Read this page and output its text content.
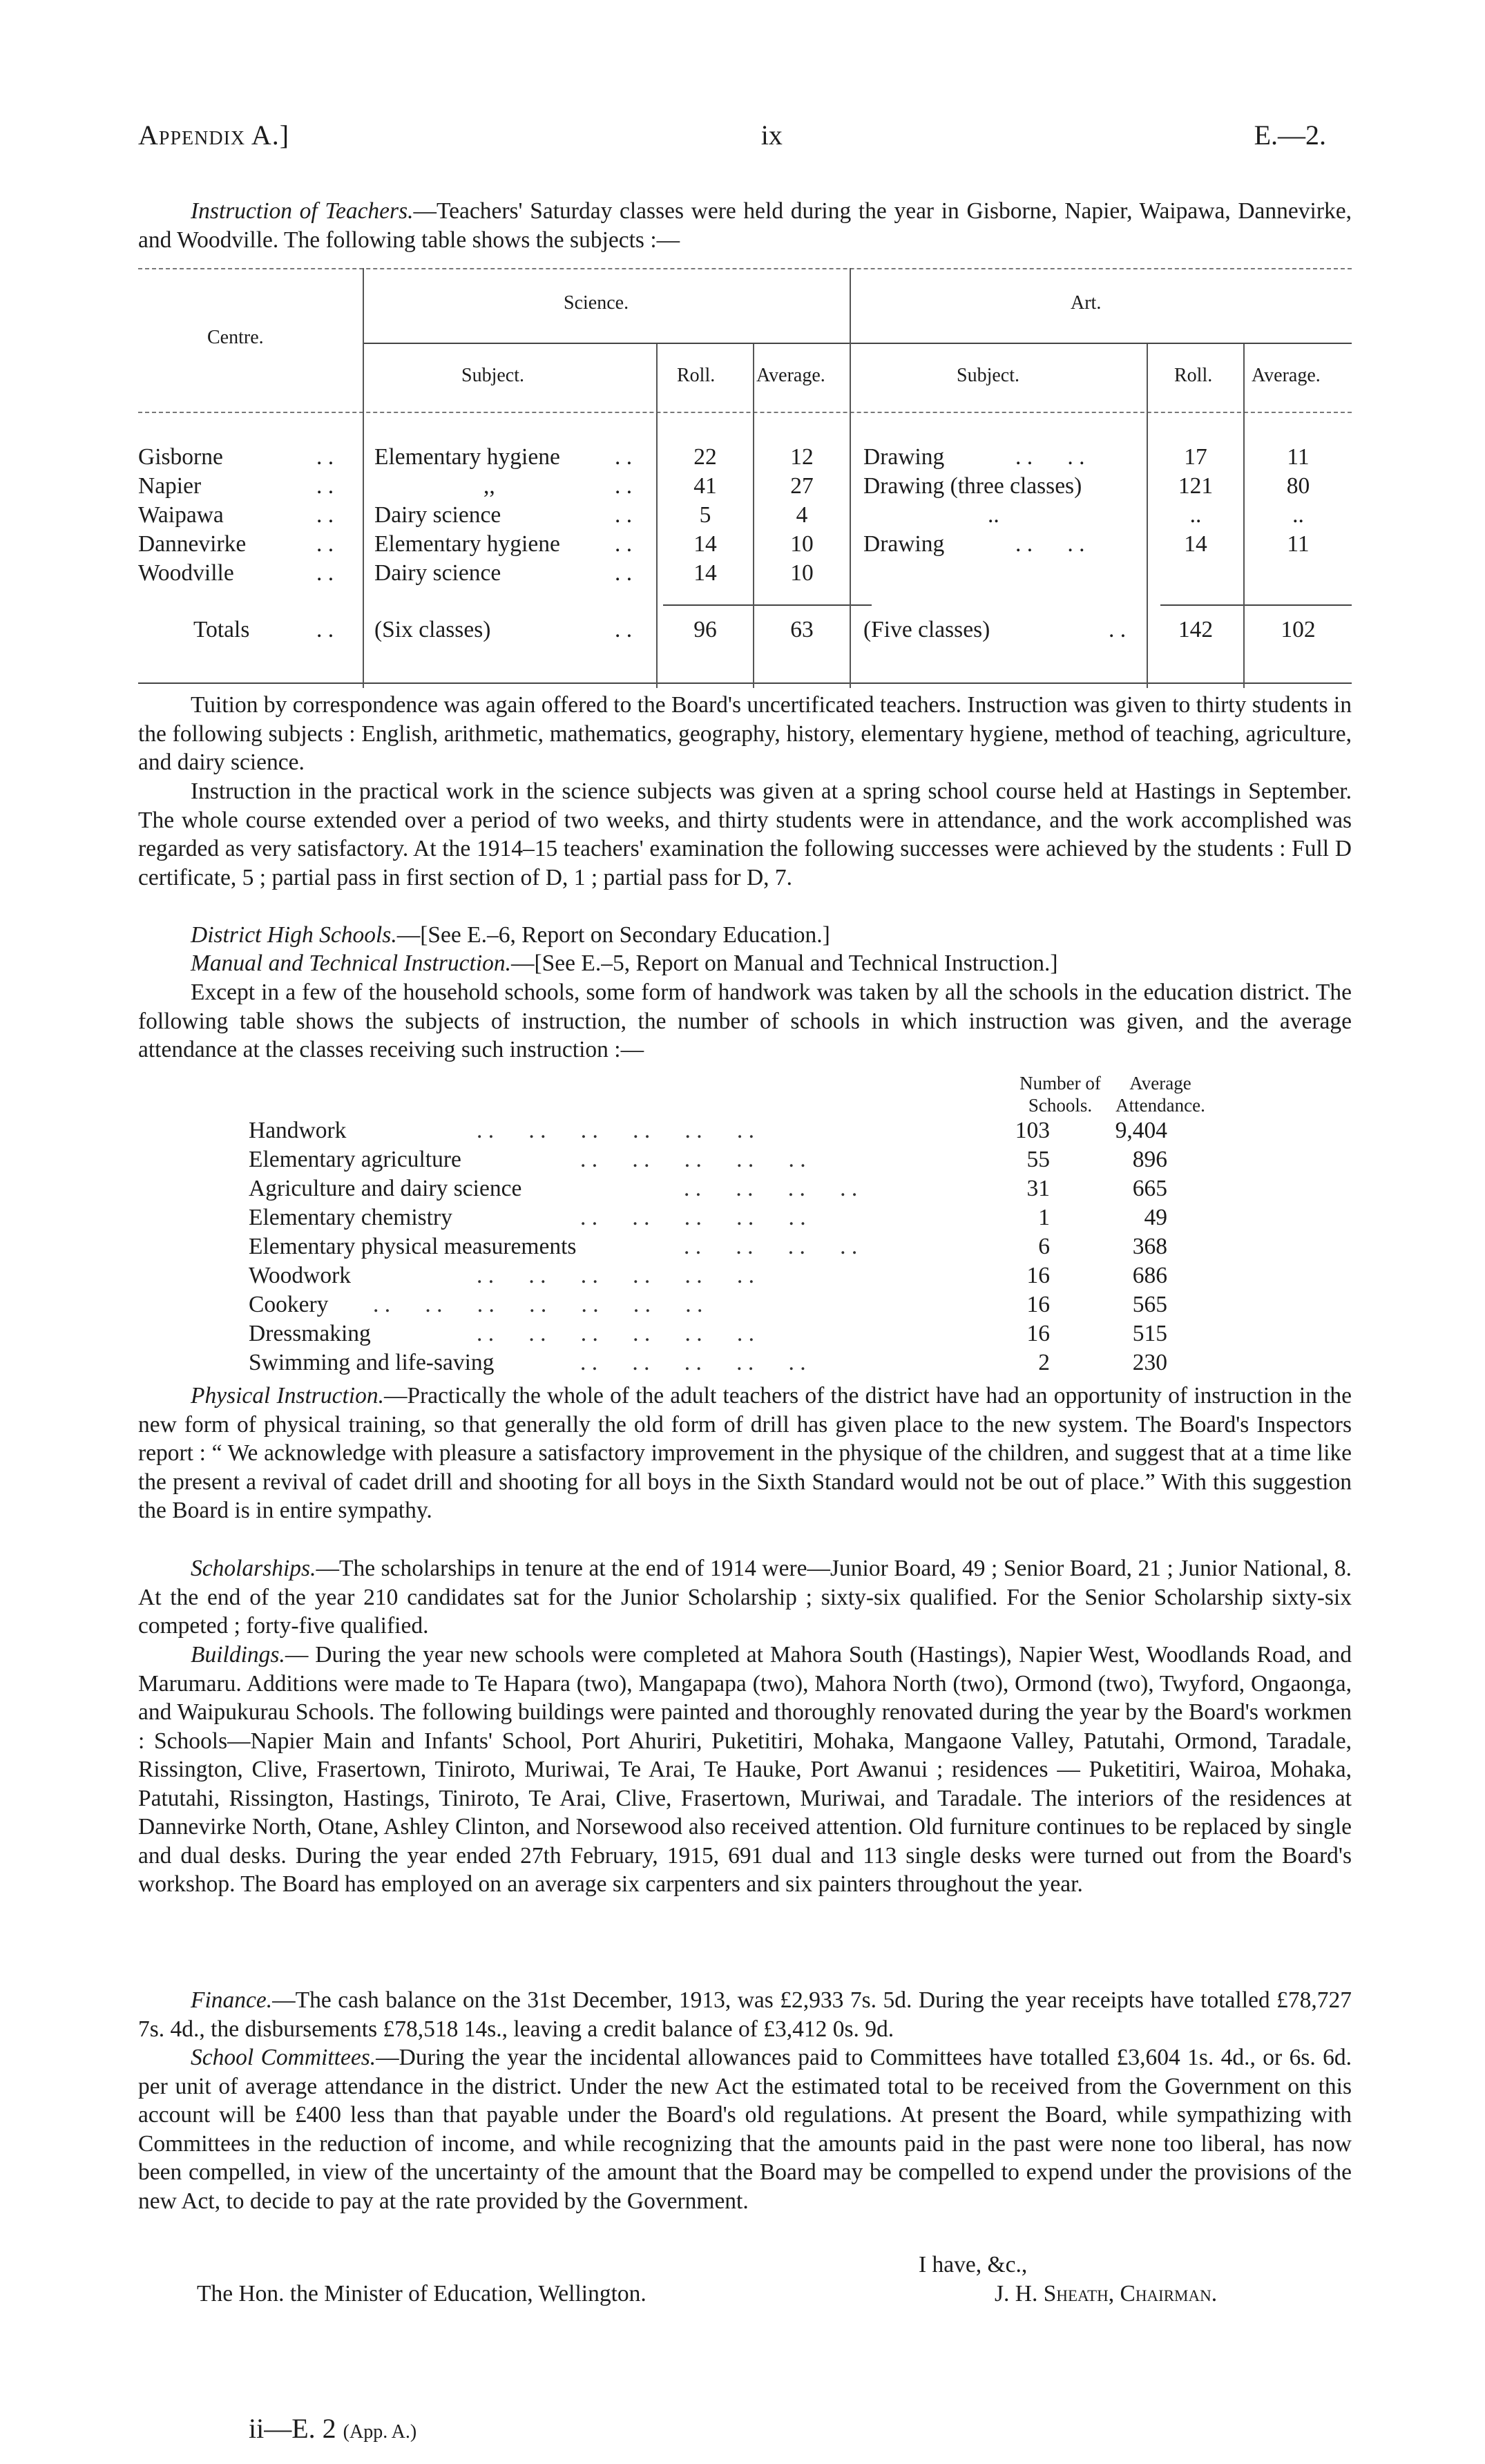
Appendix A.]	ix	E.—2.
Instruction of Teachers.—Teachers' Saturday classes were held during the year in Gisborne, Napier, Waipawa, Dannevirke, and Woodville. The following table shows the subjects :—
Centre.
Science.	Art.
Subject.	Roll. Average.	Subject.	Roll. Average.
Gisborne	. . Elementary hygiene . .	22	12	Drawing	. .      . .	17	11
Napier	. .	,,	. .	41	27	Drawing (three classes)	121	80
Waipawa	. . Dairy science	. .	5	4	..	..	..
Dannevirke	. . Elementary hygiene . .	14	10	Drawing	. .      . .	14	11
Woodville	. . Dairy science	. .	14	10
Totals	. . (Six classes)	. .	96	63	(Five classes)	. .	142	102
Tuition by correspondence was again offered to the Board's uncertificated teachers. Instruction was given to thirty students in the following subjects : English, arithmetic, mathematics, geography, history, elementary hygiene, method of teaching, agriculture, and dairy science.
Instruction in the practical work in the science subjects was given at a spring school course held at Hastings in September. The whole course extended over a period of two weeks, and thirty students were in attendance, and the work accomplished was regarded as very satisfactory. At the 1914–15 teachers' examination the following successes were achieved by the students : Full D certificate, 5 ; partial pass in first section of D, 1 ; partial pass for D, 7.
District High Schools.—[See E.–6, Report on Secondary Education.]
Manual and Technical Instruction.—[See E.–5, Report on Manual and Technical Instruction.]
Except in a few of the household schools, some form of handwork was taken by all the schools in the education district. The following table shows the subjects of instruction, the number of schools in which instruction was given, and the average attendance at the classes receiving such instruction :—
Number of
Schools.
Average
Attendance.
. .      . .      . .      . .      . .      . .
Handwork	103	9,404
. .      . .      . .      . .      . .
Elementary agriculture	55	896
. .      . .      . .      . .
Agriculture and dairy science	31	665
. .      . .      . .      . .      . .
Elementary chemistry	1	49
. .      . .      . .      . .
Elementary physical measurements	6	368
. .      . .      . .      . .      . .      . .
Woodwork	16	686
. .      . .      . .      . .      . .      . .      . .
Cookery	16	565
. .      . .      . .      . .      . .      . .
Dressmaking	16	515
. .      . .      . .      . .      . .
Swimming and life-saving	2	230
Physical Instruction.—Practically the whole of the adult teachers of the district have had an opportunity of instruction in the new form of physical training, so that generally the old form of drill has given place to the new system. The Board's Inspectors report : “ We acknowledge with pleasure a satisfactory improvement in the physique of the children, and suggest that at a time like the present a revival of cadet drill and shooting for all boys in the Sixth Standard would not be out of place.” With this suggestion the Board is in entire sympathy.
Scholarships.—The scholarships in tenure at the end of 1914 were—Junior Board, 49 ; Senior Board, 21 ; Junior National, 8. At the end of the year 210 candidates sat for the Junior Scholarship ; sixty-six qualified. For the Senior Scholarship sixty-six competed ; forty-five qualified.
Buildings.— During the year new schools were completed at Mahora South (Hastings), Napier West, Woodlands Road, and Marumaru. Additions were made to Te Hapara (two), Mangapapa (two), Mahora North (two), Ormond (two), Twyford, Ongaonga, and Waipukurau Schools. The following buildings were painted and thoroughly renovated during the year by the Board's workmen : Schools—Napier Main and Infants' School, Port Ahuriri, Puketitiri, Mohaka, Mangaone Valley, Patutahi, Ormond, Taradale, Rissington, Clive, Frasertown, Tiniroto, Muriwai, Te Arai, Te Hauke, Port Awanui ; residences — Puketitiri, Wairoa, Mohaka, Patutahi, Rissington, Hastings, Tiniroto, Te Arai, Clive, Frasertown, Muriwai, and Taradale. The interiors of the residences at Dannevirke North, Otane, Ashley Clinton, and Norsewood also received attention. Old furniture continues to be replaced by single and dual desks. During the year ended 27th February, 1915, 691 dual and 113 single desks were turned out from the Board's workshop. The Board has employed on an average six carpenters and six painters throughout the year.
Finance.—The cash balance on the 31st December, 1913, was £2,933 7s. 5d. During the year receipts have totalled £78,727 7s. 4d., the disbursements £78,518 14s., leaving a credit balance of £3,412 0s. 9d.
School Committees.—During the year the incidental allowances paid to Committees have totalled £3,604 1s. 4d., or 6s. 6d. per unit of average attendance in the district. Under the new Act the estimated total to be received from the Government on this account will be £400 less than that payable under the Board's old regulations. At present the Board, while sympathizing with Committees in the reduction of income, and while recognizing that the amounts paid in the past were none too liberal, has now been compelled, in view of the uncertainty of the amount that the Board may be compelled to expend under the provisions of the new Act, to decide to pay at the rate provided by the Government.
I have, &c.,
The Hon. the Minister of Education, Wellington.	J. H. Sheath, Chairman.
ii—E. 2 (App. A.)
